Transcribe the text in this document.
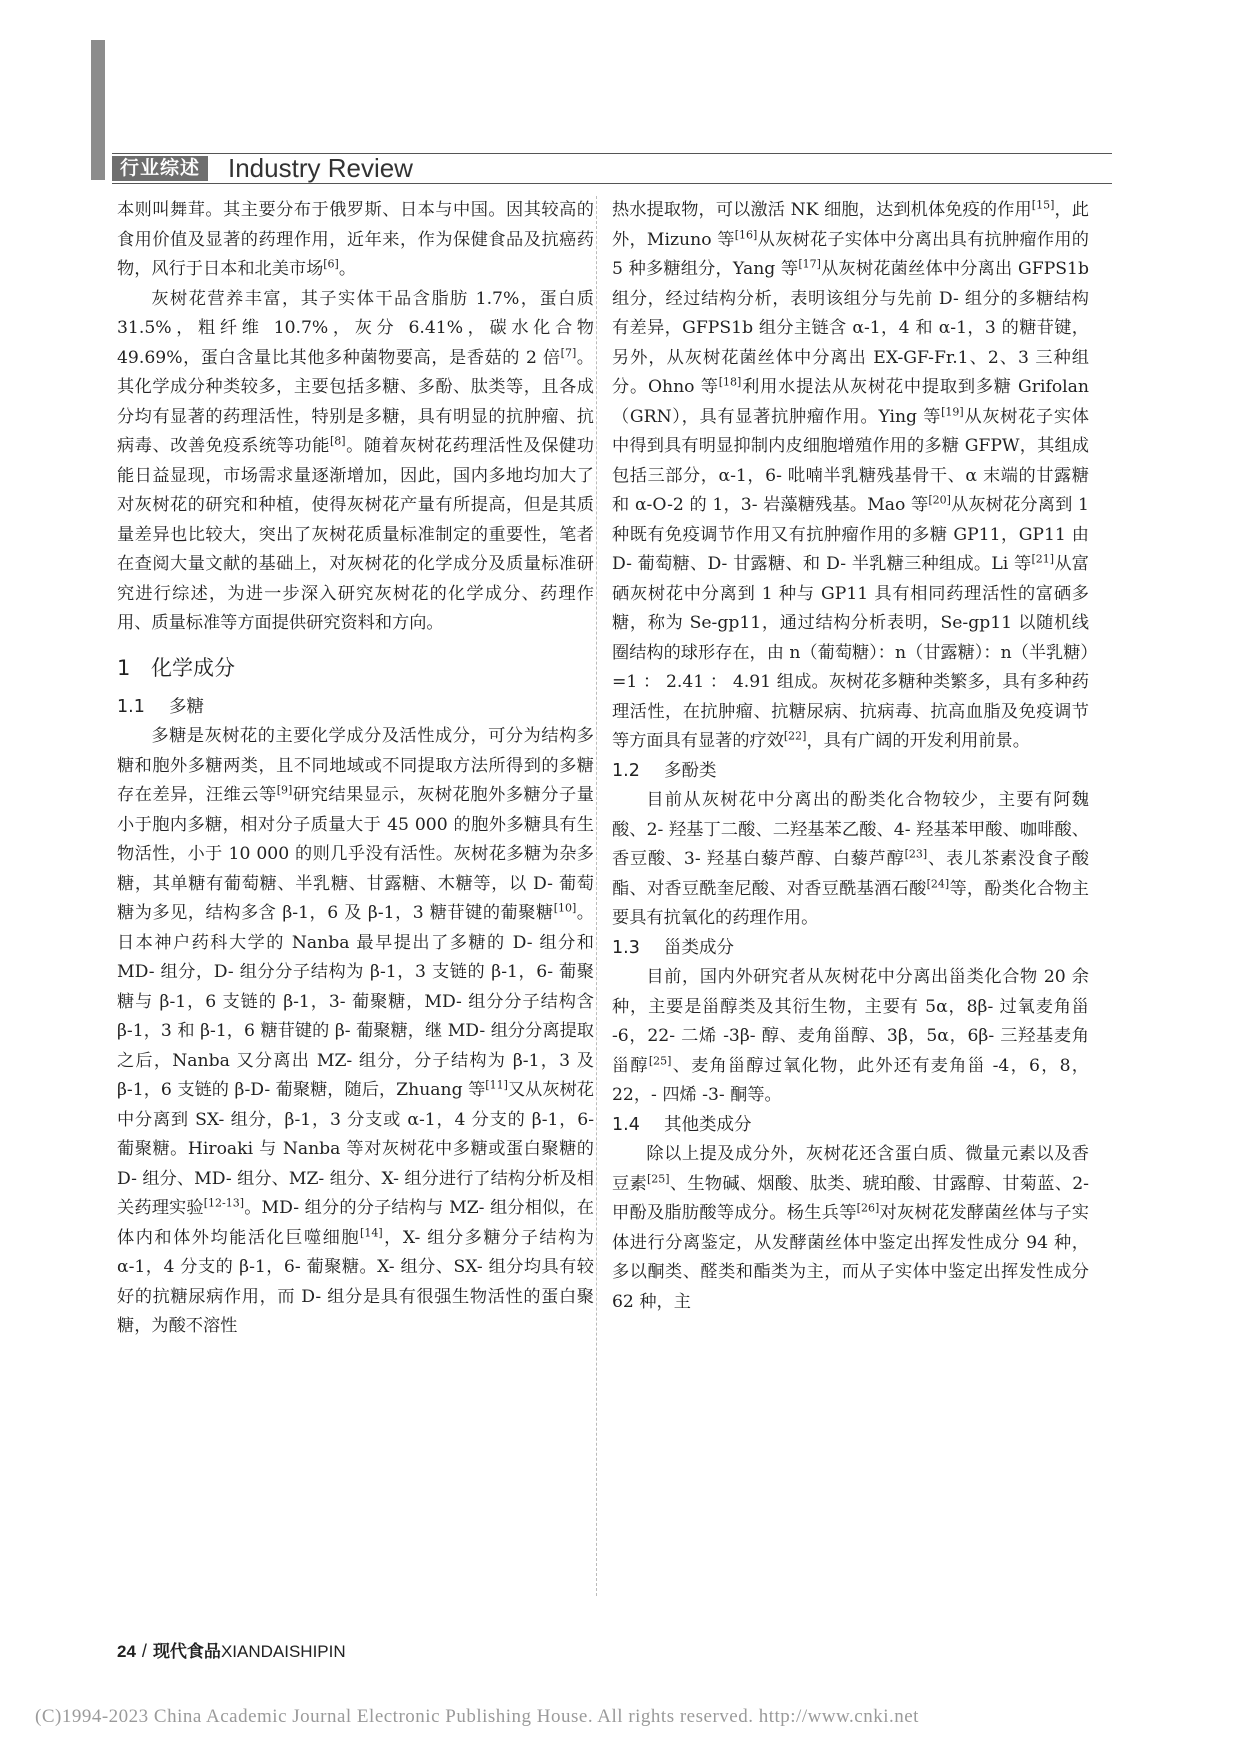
行业综述	Industry Review

本则叫舞茸。其主要分布于俄罗斯、日本与中国。因其较高的食用价值及显著的药理作用，近年来，作为保健食品及抗癌药物，风行于日本和北美市场[6]。

灰树花营养丰富，其子实体干品含脂肪 1.7%，蛋白质 31.5%，粗纤维 10.7%，灰分 6.41%，碳水化合物 49.69%，蛋白含量比其他多种菌物要高，是香菇的 2 倍[7]。其化学成分种类较多，主要包括多糖、多酚、肽类等，且各成分均有显著的药理活性，特别是多糖，具有明显的抗肿瘤、抗病毒、改善免疫系统等功能[8]。随着灰树花药理活性及保健功能日益显现，市场需求量逐渐增加，因此，国内多地均加大了对灰树花的研究和种植，使得灰树花产量有所提高，但是其质量差异也比较大，突出了灰树花质量标准制定的重要性，笔者在查阅大量文献的基础上，对灰树花的化学成分及质量标准研究进行综述，为进一步深入研究灰树花的化学成分、药理作用、质量标准等方面提供研究资料和方向。

1 化学成分
1.1 多糖

多糖是灰树花的主要化学成分及活性成分，可分为结构多糖和胞外多糖两类，且不同地域或不同提取方法所得到的多糖存在差异，汪维云等[9]研究结果显示，灰树花胞外多糖分子量小于胞内多糖，相对分子质量大于 45 000 的胞外多糖具有生物活性，小于 10 000 的则几乎没有活性。灰树花多糖为杂多糖，其单糖有葡萄糖、半乳糖、甘露糖、木糖等，以 D- 葡萄糖为多见，结构多含 β-1，6 及 β-1，3 糖苷键的葡聚糖[10]。日本神户药科大学的 Nanba 最早提出了多糖的 D- 组分和 MD- 组分，D- 组分分子结构为 β-1，3 支链的 β-1，6- 葡聚糖与 β-1，6 支链的 β-1，3- 葡聚糖，MD- 组分分子结构含 β-1，3 和 β-1，6 糖苷键的 β- 葡聚糖，继 MD- 组分分离提取之后，Nanba 又分离出 MZ- 组分，分子结构为 β-1，3 及 β-1，6 支链的 β-D- 葡聚糖，随后，Zhuang 等[11]又从灰树花中分离到 SX- 组分，β-1，3 分支或 α-1，4 分支的 β-1，6- 葡聚糖。Hiroaki 与 Nanba 等对灰树花中多糖或蛋白聚糖的 D- 组分、MD- 组分、MZ- 组分、X- 组分进行了结构分析及相关药理实验[12-13]。MD- 组分的分子结构与 MZ- 组分相似，在体内和体外均能活化巨噬细胞[14]，X- 组分多糖分子结构为 α-1，4 分支的 β-1，6- 葡聚糖。X- 组分、SX- 组分均具有较好的抗糖尿病作用，而 D- 组分是具有很强生物活性的蛋白聚糖，为酸不溶性

热水提取物，可以激活 NK 细胞，达到机体免疫的作用[15]，此外，Mizuno 等[16]从灰树花子实体中分离出具有抗肿瘤作用的 5 种多糖组分，Yang 等[17]从灰树花菌丝体中分离出 GFPS1b 组分，经过结构分析，表明该组分与先前 D- 组分的多糖结构有差异，GFPS1b 组分主链含 α-1，4 和 α-1，3 的糖苷键，另外，从灰树花菌丝体中分离出 EX-GF-Fr.1、2、3 三种组分。Ohno 等[18]利用水提法从灰树花中提取到多糖 Grifolan（GRN），具有显著抗肿瘤作用。Ying 等[19]从灰树花子实体中得到具有明显抑制内皮细胞增殖作用的多糖 GFPW，其组成包括三部分，α-1，6- 吡喃半乳糖残基骨干、α 末端的甘露糖和 α-O-2 的 1，3- 岩藻糖残基。Mao 等[20]从灰树花分离到 1 种既有免疫调节作用又有抗肿瘤作用的多糖 GP11，GP11 由 D- 葡萄糖、D- 甘露糖、和 D- 半乳糖三种组成。Li 等[21]从富硒灰树花中分离到 1 种与 GP11 具有相同药理活性的富硒多糖，称为 Se-gp11，通过结构分析表明，Se-gp11 以随机线圈结构的球形存在，由 n（葡萄糖）：n（甘露糖）：n（半乳糖）=1 ： 2.41 ： 4.91 组成。灰树花多糖种类繁多，具有多种药理活性，在抗肿瘤、抗糖尿病、抗病毒、抗高血脂及免疫调节等方面具有显著的疗效[22]，具有广阔的开发利用前景。

1.2 多酚类

目前从灰树花中分离出的酚类化合物较少，主要有阿魏酸、2- 羟基丁二酸、二羟基苯乙酸、4- 羟基苯甲酸、咖啡酸、香豆酸、3- 羟基白藜芦醇、白藜芦醇[23]、表儿茶素没食子酸酯、对香豆酰奎尼酸、对香豆酰基酒石酸[24]等，酚类化合物主要具有抗氧化的药理作用。

1.3 甾类成分

目前，国内外研究者从灰树花中分离出甾类化合物 20 余种，主要是甾醇类及其衍生物，主要有 5α，8β- 过氧麦角甾 -6，22- 二烯 -3β- 醇、麦角甾醇、3β，5α，6β- 三羟基麦角甾醇[25]、麦角甾醇过氧化物，此外还有麦角甾 -4，6，8，22，- 四烯 -3- 酮等。

1.4 其他类成分

除以上提及成分外，灰树花还含蛋白质、微量元素以及香豆素[25]、生物碱、烟酸、肽类、琥珀酸、甘露醇、甘菊蓝、2- 甲酚及脂肪酸等成分。杨生兵等[26]对灰树花发酵菌丝体与子实体进行分离鉴定，从发酵菌丝体中鉴定出挥发性成分 94 种，多以酮类、醛类和酯类为主，而从子实体中鉴定出挥发性成分 62 种，主

24 / 现代食品XIANDAISHIPIN
(C)1994-2023 China Academic Journal Electronic Publishing House. All rights reserved. http://www.cnki.net
